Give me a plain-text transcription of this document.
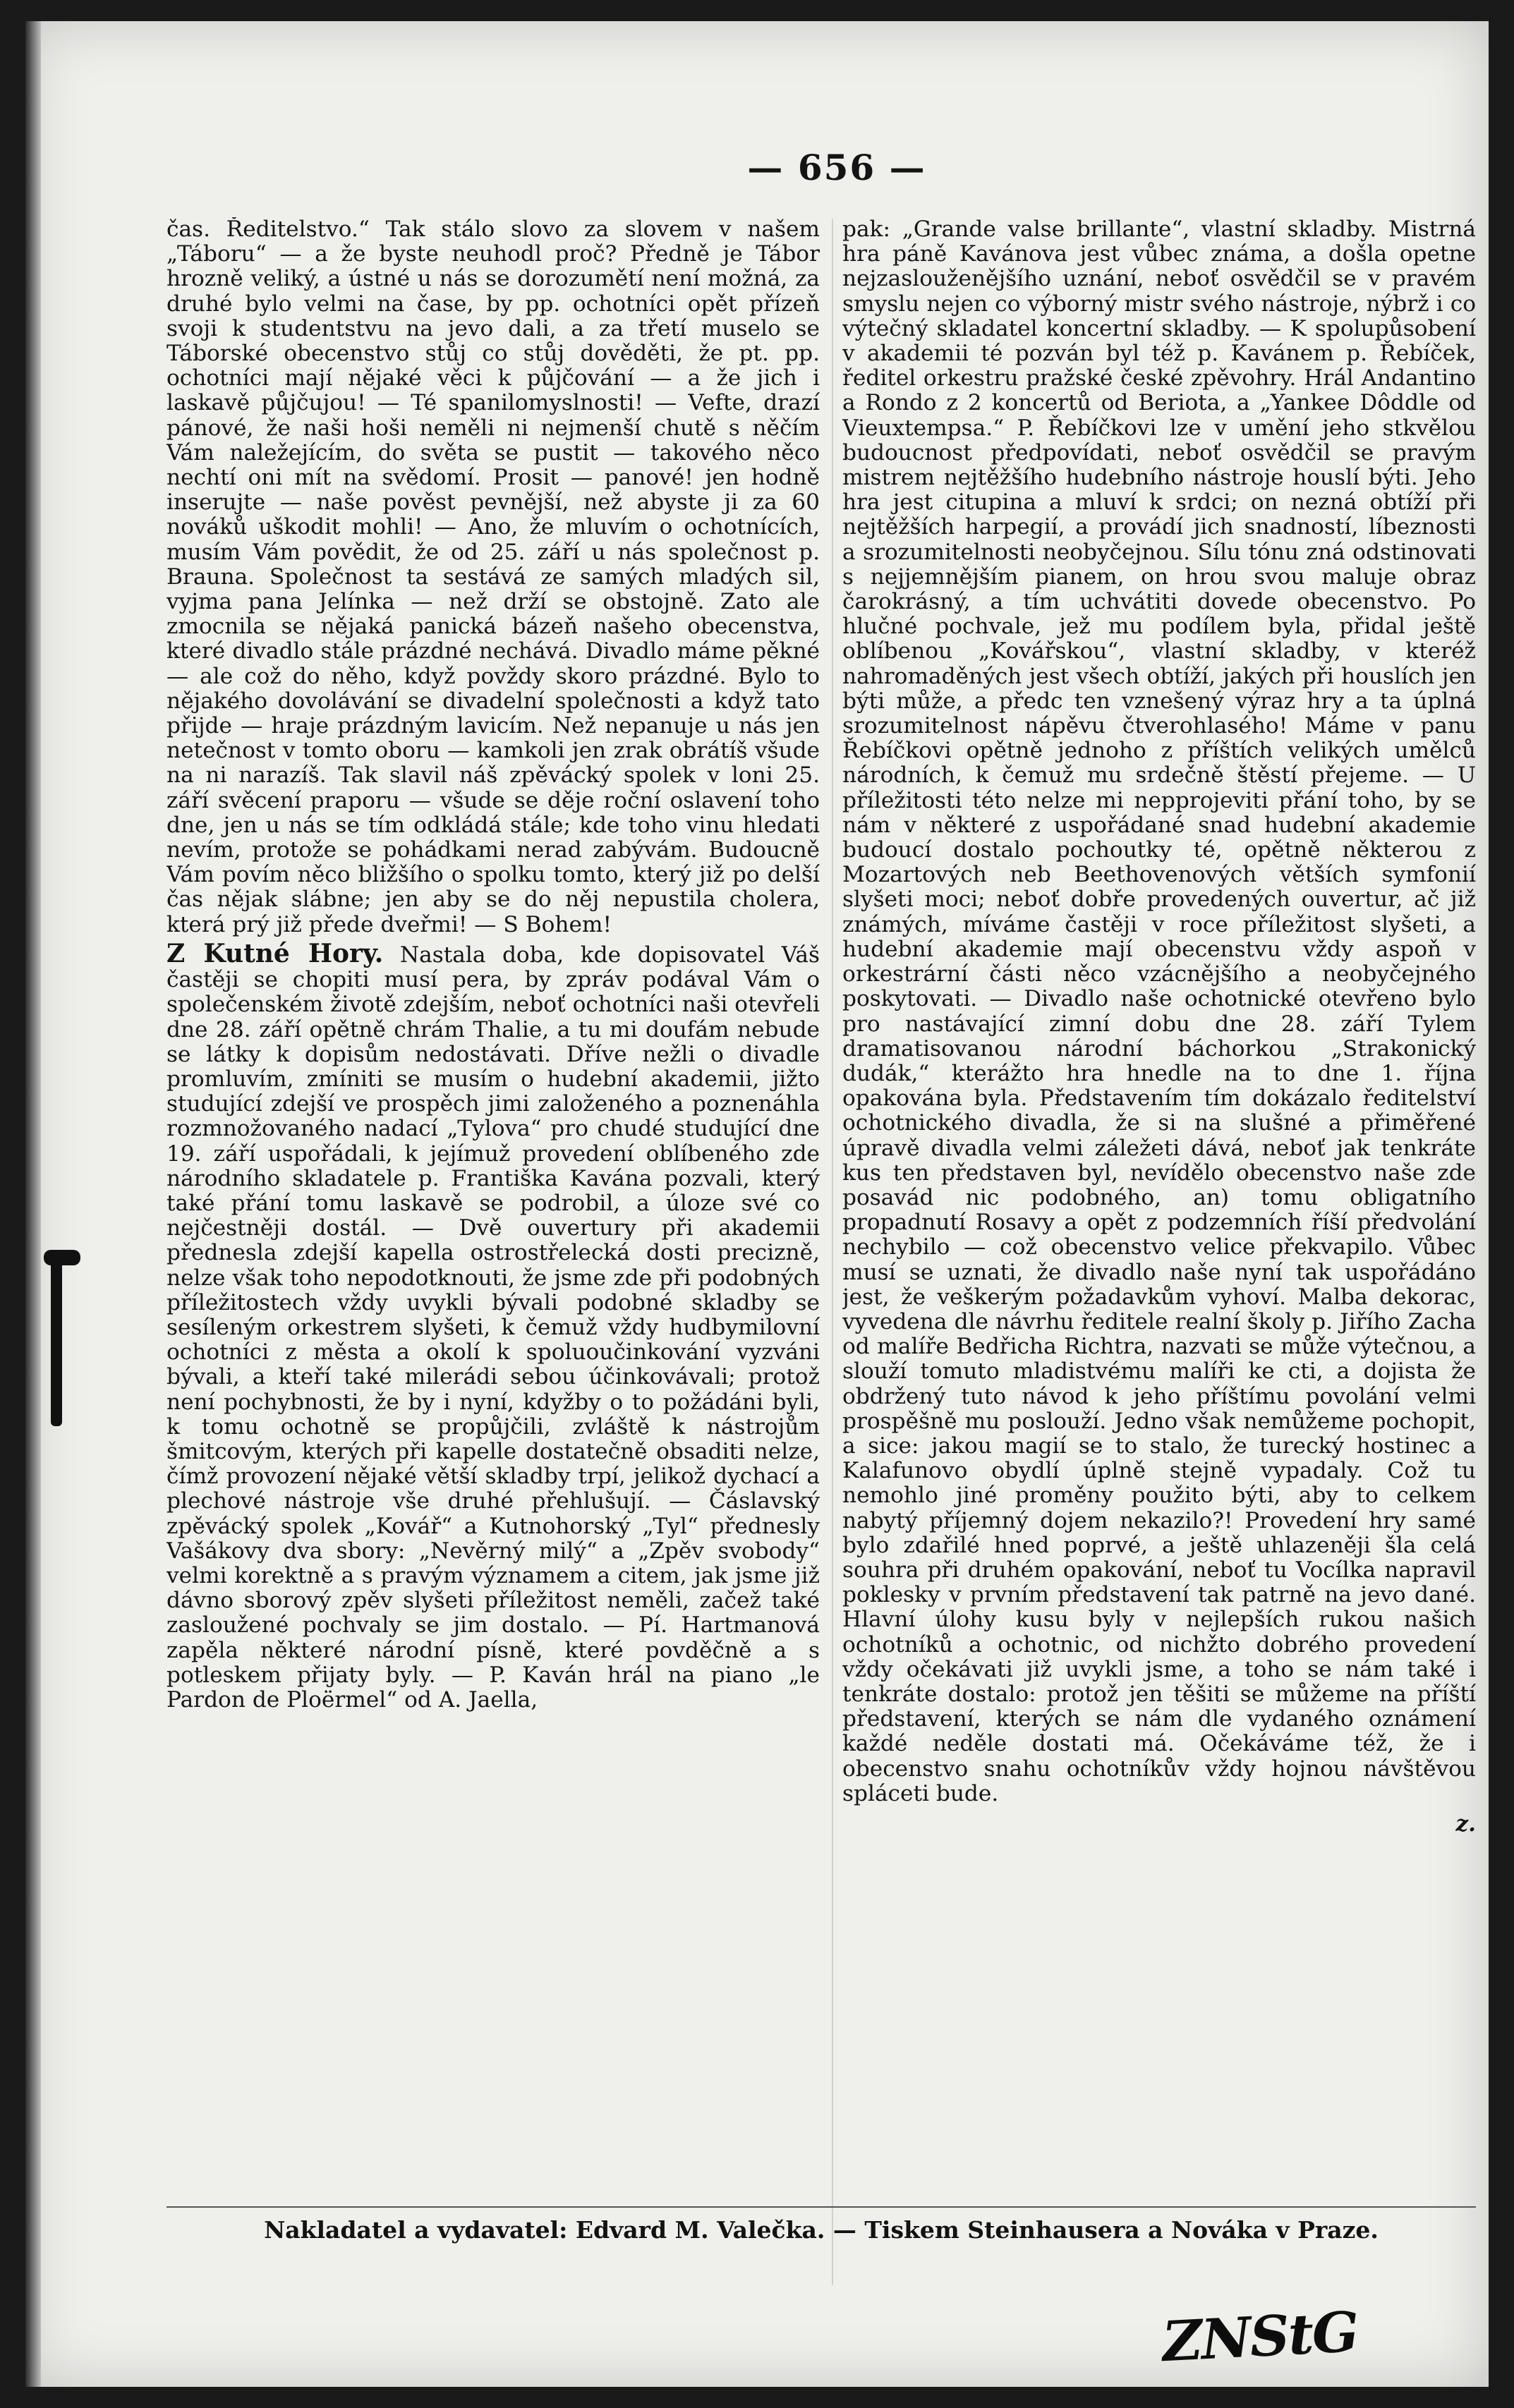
— 656 —

čas. Ředitelstvo.“ Tak stálo slovo za slovem v našem „Táboru“ — a že byste neuhodl proč? Předně je Tábor hrozně veliký, a ústné u nás se dorozumětí není možná, za druhé bylo velmi na čase, by pp. ochotníci opět přízeň svoji k studentstvu na jevo dali, a za třetí muselo se Táborské obecenstvo stůj co stůj dověděti, že pt. pp. ochotníci mají nějaké věci k půjčování — a že jich i laskavě půjčujou! — Té spanilomyslnosti! — Vefte, drazí pánové, že naši hoši neměli ni nejmenší chutě s něčím Vám naležejícím, do světa se pustit — takového něco nechtí oni mít na svědomí. Prosit — panové! jen hodně inserujte — naše pověst pevnější, než abyste ji za 60 nováků uškodit mohli! — Ano, že mluvím o ochotnících, musím Vám povědit, že od 25. září u nás společnost p. Brauna. Společnost ta sestává ze samých mladých sil, vyjma pana Jelínka — než drží se obstojně. Zato ale zmocnila se nějaká panická bázeň našeho obecenstva, které divadlo stále prázdné nechává. Divadlo máme pěkné — ale což do něho, když povždy skoro prázdné. Bylo to nějakého dovolávání se divadelní společnosti a když tato přijde — hraje prázdným lavicím. Než nepanuje u nás jen netečnost v tomto oboru — kamkoli jen zrak obrátíš všude na ni narazíš. Tak slavil náš zpěvácký spolek v loni 25. září svěcení praporu — všude se děje roční oslavení toho dne, jen u nás se tím odkládá stále; kde toho vinu hledati nevím, protože se pohádkami nerad zabývám. Budoucně Vám povím něco bližšího o spolku tomto, který již po delší čas nějak slábne; jen aby se do něj nepustila cholera, která prý již přede dveřmi! — S Bohem!

Z Kutné Hory. Nastala doba, kde dopisovatel Váš častěji se chopiti musí pera, by zpráv podával Vám o společenském životě zdejším, neboť ochotníci naši otevřeli dne 28. září opětně chrám Thalie, a tu mi doufám nebude se látky k dopisům nedostávati. Dříve nežli o divadle promluvím, zmíniti se musím o hudební akademii, jižto studující zdejší ve prospěch jimi založeného a poznenáhla rozmnožovaného nadací „Tylova“ pro chudé studující dne 19. září uspořádali, k jejímuž provedení oblíbeného zde národního skladatele p. Františka Kavána pozvali, který také přání tomu laskavě se podrobil, a úloze své co nejčestněji dostál. — Dvě ouvertury při akademii přednesla zdejší kapella ostrostřelecká dosti precizně, nelze však toho nepodotknouti, že jsme zde při podobných příležitostech vždy uvykli bývali podobné skladby se sesíleným orkestrem slyšeti, k čemuž vždy hudbymilovní ochotníci z města a okolí k spoluoučinkování vyzváni bývali, a kteří také milerádi sebou účinkovávali; protož není pochybnosti, že by i nyní, kdyžby o to požádáni byli, k tomu ochotně se propůjčili, zvláště k nástrojům šmitcovým, kterých při kapelle dostatečně obsaditi nelze, čímž provození nějaké větší skladby trpí, jelikož dychací a plechové nástroje vše druhé přehlušují. — Čáslavský zpěvácký spolek „Kovář“ a Kutnohorský „Tyl“ přednesly Vašákovy dva sbory: „Nevěrný milý“ a „Zpěv svobody“ velmi korektně a s pravým významem a citem, jak jsme již dávno sborový zpěv slyšeti příležitost neměli, začež také zasloužené pochvaly se jim dostalo. — Pí. Hartmanová zapěla některé národní písně, které povděčně a s potleskem přijaty byly. — P. Kaván hrál na piano „le Pardon de Ploërmel“ od A. Jaella,

pak: „Grande valse brillante“, vlastní skladby. Mistrná hra páně Kavánova jest vůbec známa, a došla opetne nejzaslouženějšího uznání, neboť osvědčil se v pravém smyslu nejen co výborný mistr svého nástroje, nýbrž i co výtečný skladatel koncertní skladby. — K spolupůsobení v akademii té pozván byl též p. Kavánem p. Řebíček, ředitel orkestru pražské české zpěvohry. Hrál Andantino a Rondo z 2 koncertů od Beriota, a „Yankee Dôddle od Vieuxtempsa.“ P. Řebíčkovi lze v umění jeho stkvělou budoucnost předpovídati, neboť osvědčil se pravým mistrem nejtěžšího hudebního nástroje houslí býti. Jeho hra jest citupina a mluví k srdci; on nezná obtíží při nejtěžších harpegií, a provádí jich snadností, líbeznosti a srozumitelnosti neobyčejnou. Sílu tónu zná odstinovati s nejjemnějším pianem, on hrou svou maluje obraz čarokrásný, a tím uchvátiti dovede obecenstvo. Po hlučné pochvale, jež mu podílem byla, přidal ještě oblíbenou „Kovářskou“, vlastní skladby, v kteréž nahromaděných jest všech obtíží, jakých při houslích jen býti může, a předc ten vznešený výraz hry a ta úplná srozumitelnost nápěvu čtverohlasého! Máme v panu Řebíčkovi opětně jednoho z příštích velikých umělců národních, k čemuž mu srdečně štěstí přejeme. — U příležitosti této nelze mi nepprojeviti přání toho, by se nám v některé z uspořádané snad hudební akademie budoucí dostalo pochoutky té, opětně některou z Mozartových neb Beethovenových větších symfonií slyšeti moci; neboť dobře provedených ouvertur, ač již známých, míváme častěji v roce příležitost slyšeti, a hudební akademie mají obecenstvu vždy aspoň v orkestrární části něco vzácnějšího a neobyčejného poskytovati. — Divadlo naše ochotnické otevřeno bylo pro nastávající zimní dobu dne 28. září Tylem dramatisovanou národní báchorkou „Strakonický dudák,“ kterážto hra hnedle na to dne 1. října opakována byla. Představením tím dokázalo ředitelství ochotnického divadla, že si na slušné a přiměřené úpravě divadla velmi záležeti dává, neboť jak tenkráte kus ten představen byl, nevídělo obecenstvo naše zde posavád nic podobného, an) tomu obligatního propadnutí Rosavy a opět z podzemních říší předvolání nechybilo — což obecenstvo velice překvapilo. Vůbec musí se uznati, že divadlo naše nyní tak uspořádáno jest, že veškerým požadavkům vyhoví. Malba dekorac, vyvedena dle návrhu ředitele realní školy p. Jiřího Zacha od malíře Bedřicha Richtra, nazvati se může výtečnou, a slouží tomuto mladistvému malíři ke cti, a dojista že obdržený tuto návod k jeho příštímu povolání velmi prospěšně mu poslouží. Jedno však nemůžeme pochopit, a sice: jakou magií se to stalo, že turecký hostinec a Kalafunovo obydlí úplně stejně vypadaly. Což tu nemohlo jiné proměny použito býti, aby to celkem nabytý příjemný dojem nekazilo?! Provedení hry samé bylo zdařilé hned poprvé, a ještě uhlazeněji šla celá souhra při druhém opakování, neboť tu Vocílka napravil poklesky v prvním představení tak patrně na jevo dané. Hlavní úlohy kusu byly v nejlepších rukou našich ochotníků a ochotnic, od nichžto dobrého provedení vždy očekávati již uvykli jsme, a toho se nám také i tenkráte dostalo: protož jen těšiti se můžeme na příští představení, kterých se nám dle vydaného oznámení každé neděle dostati má. Očekáváme též, že i obecenstvo snahu ochotníkův vždy hojnou návštěvou spláceti bude.

z.

Nakladatel a vydavatel: Edvard M. Valečka. — Tiskem Steinhausera a Nováka v Praze.
ZNStG
